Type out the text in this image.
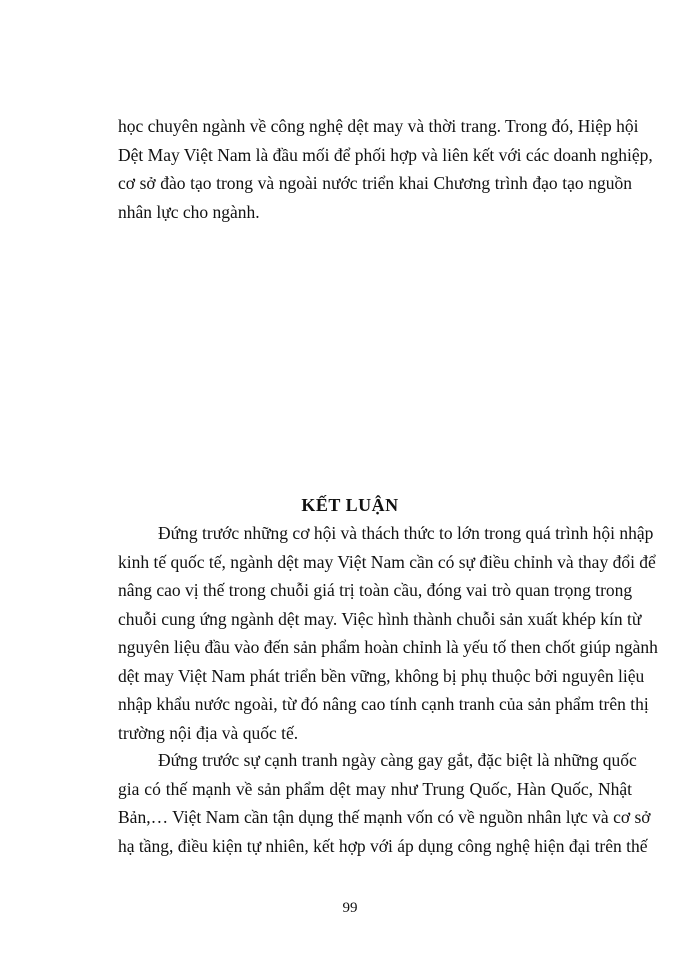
học chuyên ngành về công nghệ dệt may và thời trang. Trong đó, Hiệp hội
Dệt May Việt Nam là đầu mối để phối hợp và liên kết với các doanh nghiệp,
cơ sở đào tạo trong và ngoài nước triển khai Chương trình đạo tạo nguồn
nhân lực cho ngành.
KẾT LUẬN
Đứng trước những cơ hội và thách thức to lớn trong quá trình hội nhập
kinh tế quốc tế, ngành dệt may Việt Nam cần có sự điều chỉnh và thay đổi để
nâng cao vị thế trong chuỗi giá trị toàn cầu, đóng vai trò quan trọng trong
chuỗi cung ứng ngành dệt may. Việc hình thành chuỗi sản xuất khép kín từ
nguyên liệu đầu vào đến sản phẩm hoàn chỉnh là yếu tố then chốt giúp ngành
dệt may Việt Nam phát triển bền vững, không bị phụ thuộc bởi nguyên liệu
nhập khẩu nước ngoài, từ đó nâng cao tính cạnh tranh của sản phẩm trên thị
trường nội địa và quốc tế.
Đứng trước sự cạnh tranh ngày càng gay gắt, đặc biệt là những quốc
gia có thế mạnh về sản phẩm dệt may như Trung Quốc, Hàn Quốc, Nhật
Bản,… Việt Nam cần tận dụng thế mạnh vốn có về nguồn nhân lực và cơ sở
hạ tầng, điều kiện tự nhiên, kết hợp với áp dụng công nghệ hiện đại trên thế
99
